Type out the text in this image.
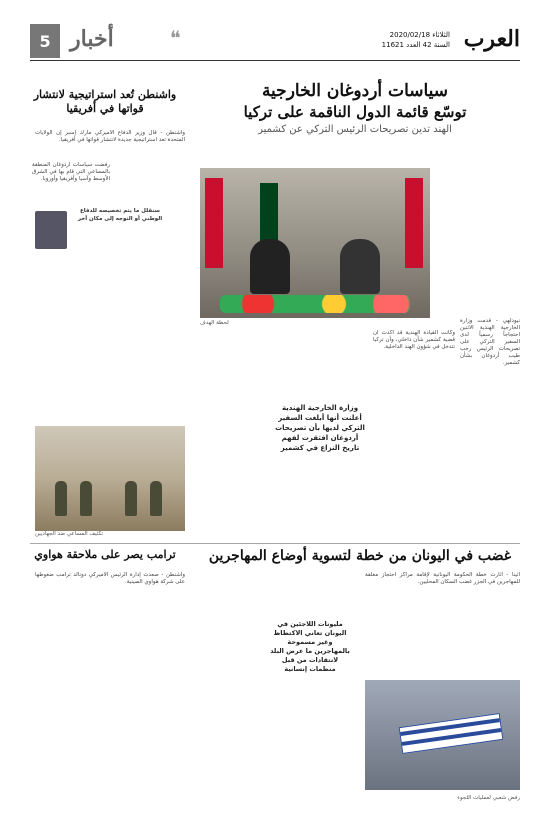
العرب
الثلاثاء 2020/02/18
السنة 42 العدد 11621
5 أخبار	❝
سياسات أردوغان الخارجية
توسّع قائمة الدول الناقمة على تركيا
الهند تدين تصريحات الرئيس التركي عن كشمير
واشنطن تُعد استراتيجية لانتشار قواتها في أفريقيا

رفضت سياسات أردوغان المنطقة بالمساعي التي قام بها في الشرق الأوسط وآسيا وأفريقيا وأوروبا.

نيودلهي - قدمت وزارة الخارجية الهندية الاثنين احتجاجاً رسمياً لدى السفير التركي على تصريحات الرئيس رجب طيب أردوغان بشأن كشمير.

وكانت القيادة الهندية قد أكدت أن قضية كشمير شأن داخلي، وأن تركيا تتدخل في شؤون الهند الداخلية.

لحظة الهدف
وزارة الخارجية الهندية أعلنت أنها أبلغت السفير التركي لديها بأن تصريحات أردوغان افتقرت لفهم تاريخ النزاع في كشمير
سنقلل ما يتم تخصيصه للدفاع الوطني أو التوجه إلى مكان آخر

واشنطن - قال وزير الدفاع الأميركي مارك إسبر إن الولايات المتحدة تعد استراتيجية جديدة لانتشار قواتها في أفريقيا.

تكثيف المساعي ضد الجهاديين
ترامب يصر على ملاحقة هواوي	غضب في اليونان من خطة لتسوية أوضاع المهاجرين

واشنطن - صعدت إدارة الرئيس الأميركي دونالد ترامب ضغوطها على شركة هواوي الصينية.

أثينا - أثارت خطة الحكومة اليونانية لإقامة مراكز احتجاز مغلقة للمهاجرين في الجزر غضب السكان المحليين.

مليونات اللاجئين في اليونان تعاني الاكتظاظ وغير مسموحة بالمهاجرين ما عرض البلد لانتقادات من قبل منظمات إنسانية
رفض شعبي لعمليات اللجوء
